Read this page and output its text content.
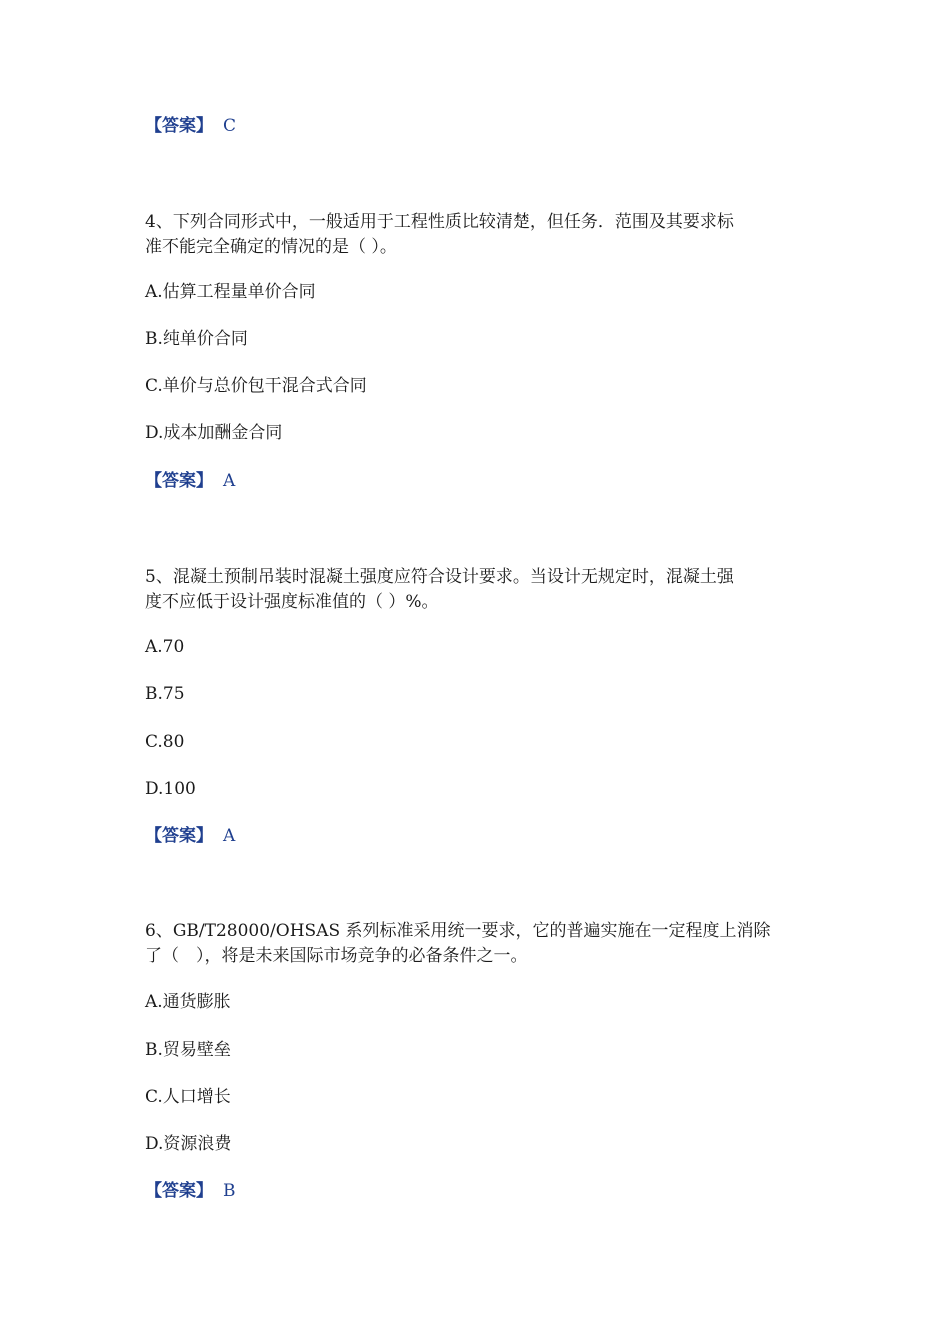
【答案】 C
4、下列合同形式中，一般适用于工程性质比较清楚，但任务．范围及其要求标
准不能完全确定的情况的是（ ）。
A.估算工程量单价合同
B.纯单价合同
C.单价与总价包干混合式合同
D.成本加酬金合同
【答案】 A
5、混凝土预制吊装时混凝土强度应符合设计要求。当设计无规定时，混凝土强
度不应低于设计强度标准值的（ ）%。
A.70
B.75
C.80
D.100
【答案】 A
6、GB/T28000/OHSAS 系列标准采用统一要求，它的普遍实施在一定程度上消除
了（　），将是未来国际市场竞争的必备条件之一。
A.通货膨胀
B.贸易壁垒
C.人口增长
D.资源浪费
【答案】 B
